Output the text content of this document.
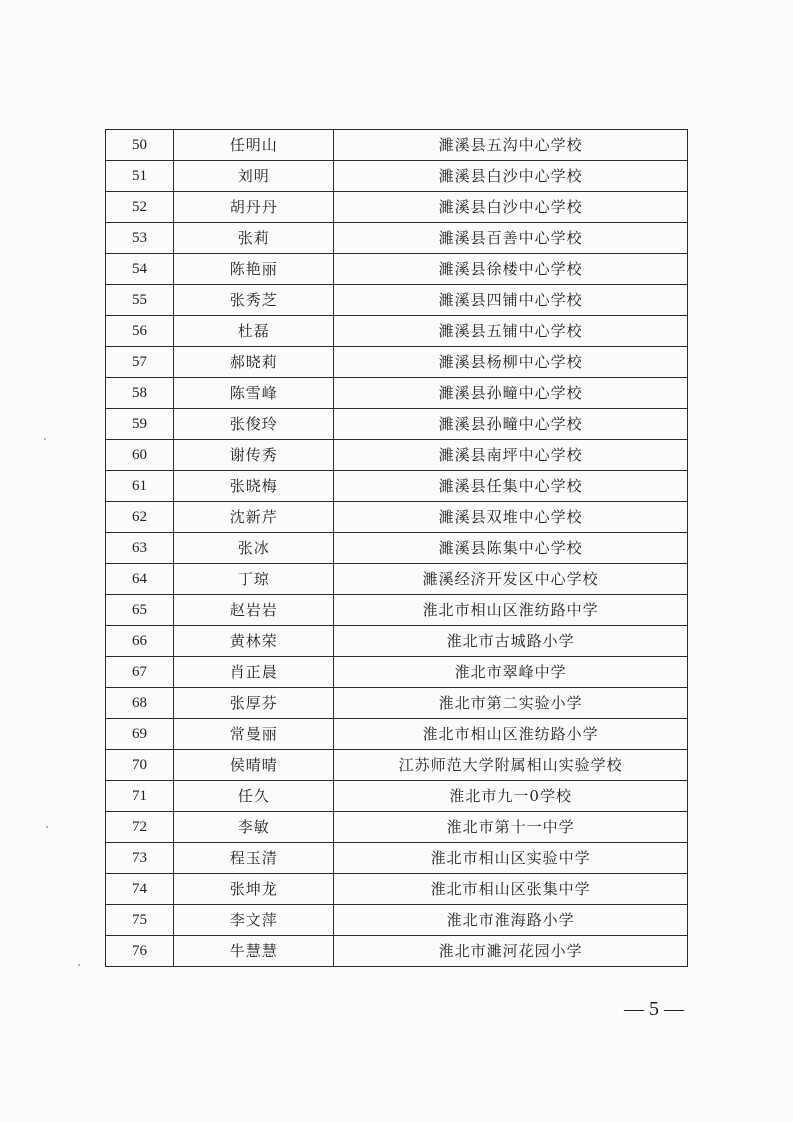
50	任明山	濉溪县五沟中心学校
51	刘明	濉溪县白沙中心学校
52	胡丹丹	濉溪县白沙中心学校
53	张莉	濉溪县百善中心学校
54	陈艳丽	濉溪县徐楼中心学校
55	张秀芝	濉溪县四铺中心学校
56	杜磊	濉溪县五铺中心学校
57	郝晓莉	濉溪县杨柳中心学校
58	陈雪峰	濉溪县孙疃中心学校
59	张俊玲	濉溪县孙疃中心学校
60	谢传秀	濉溪县南坪中心学校
61	张晓梅	濉溪县任集中心学校
62	沈新芹	濉溪县双堆中心学校
63	张冰	濉溪县陈集中心学校
64	丁琼	濉溪经济开发区中心学校
65	赵岩岩	淮北市相山区淮纺路中学
66	黄林荣	淮北市古城路小学
67	肖正晨	淮北市翠峰中学
68	张厚芬	淮北市第二实验小学
69	常曼丽	淮北市相山区淮纺路小学
70	侯晴晴	江苏师范大学附属相山实验学校
71	任久	淮北市九一0学校
72	李敏	淮北市第十一中学
73	程玉清	淮北市相山区实验中学
74	张坤龙	淮北市相山区张集中学
75	李文萍	淮北市淮海路小学
76	牛慧慧	淮北市濉河花园小学
— 5 —
